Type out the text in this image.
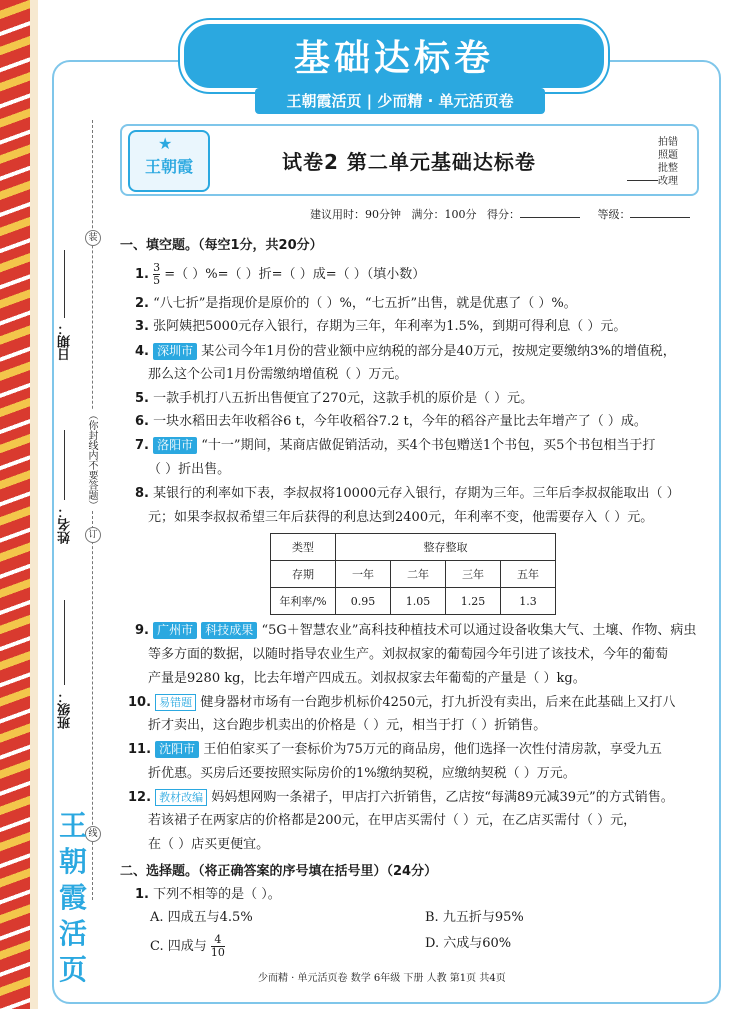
基础达标卷
王朝霞活页 | 少而精 · 单元活页卷
★
王朝霞	试卷2 第二单元基础达标卷
拍错
照题
批整
改理
建议用时：90分钟 满分：100分 得分：	等级：
装
订
线
（你封线内不要答题）
日期：
姓名：
班级：
王朝霞活页
一、填空题。（每空1分，共20分）
1. $\frac{3}{5}$ =（ ）%=（ ）折=（ ）成=（ ）（填小数）
2. “八七折”是指现价是原价的（ ）%，“七五折”出售，就是优惠了（ ）%。
3. 张阿姨把5000元存入银行，存期为三年，年利率为1.5%，到期可得利息（ ）元。
4. 深圳市 某公司今年1月份的营业额中应纳税的部分是40万元，按规定要缴纳3%的增值税，
那么这个公司1月份需缴纳增值税（ ）万元。
5. 一款手机打八五折出售便宜了270元，这款手机的原价是（ ）元。
6. 一块水稻田去年收稻谷6 t，今年收稻谷7.2 t，今年的稻谷产量比去年增产了（ ）成。
7. 洛阳市 “十一”期间，某商店做促销活动，买4个书包赠送1个书包，买5个书包相当于打
（ ）折出售。
8. 某银行的利率如下表，李叔叔将10000元存入银行，存期为三年。三年后李叔叔能取出（ ）
元；如果李叔叔希望三年后获得的利息达到2400元，年利率不变，他需要存入（ ）元。
类型	整存整取			
存期	一年	二年	三年	五年
年利率/%	0.95	1.05	1.25	1.3
9. 广州市 科技成果 “5G＋智慧农业”高科技种植技术可以通过设备收集大气、土壤、作物、病虫
等多方面的数据，以随时指导农业生产。刘叔叔家的葡萄园今年引进了该技术，今年的葡萄
产量是9280 kg，比去年增产四成五。刘叔叔家去年葡萄的产量是（ ）kg。
10. 易错题 健身器材市场有一台跑步机标价4250元，打九折没有卖出，后来在此基础上又打八
折才卖出，这台跑步机卖出的价格是（ ）元，相当于打（ ）折销售。
11. 沈阳市 王伯伯家买了一套标价为75万元的商品房，他们选择一次性付清房款，享受九五
折优惠。买房后还要按照实际房价的1%缴纳契税，应缴纳契税（ ）万元。
12. 教材改编 妈妈想网购一条裙子，甲店打六折销售，乙店按“每满89元减39元”的方式销售。
若该裙子在两家店的价格都是200元，在甲店买需付（ ）元，在乙店买需付（ ）元，
在（ ）店买更便宜。
二、选择题。（将正确答案的序号填在括号里）（24分）
1. 下列不相等的是（ ）。
A. 四成五与4.5%	B. 九五折与95%
C. 四成与 $\frac{4}{10}$	D. 六成与60%
少而精 · 单元活页卷 数学 6年级 下册 人教 第1页 共4页
